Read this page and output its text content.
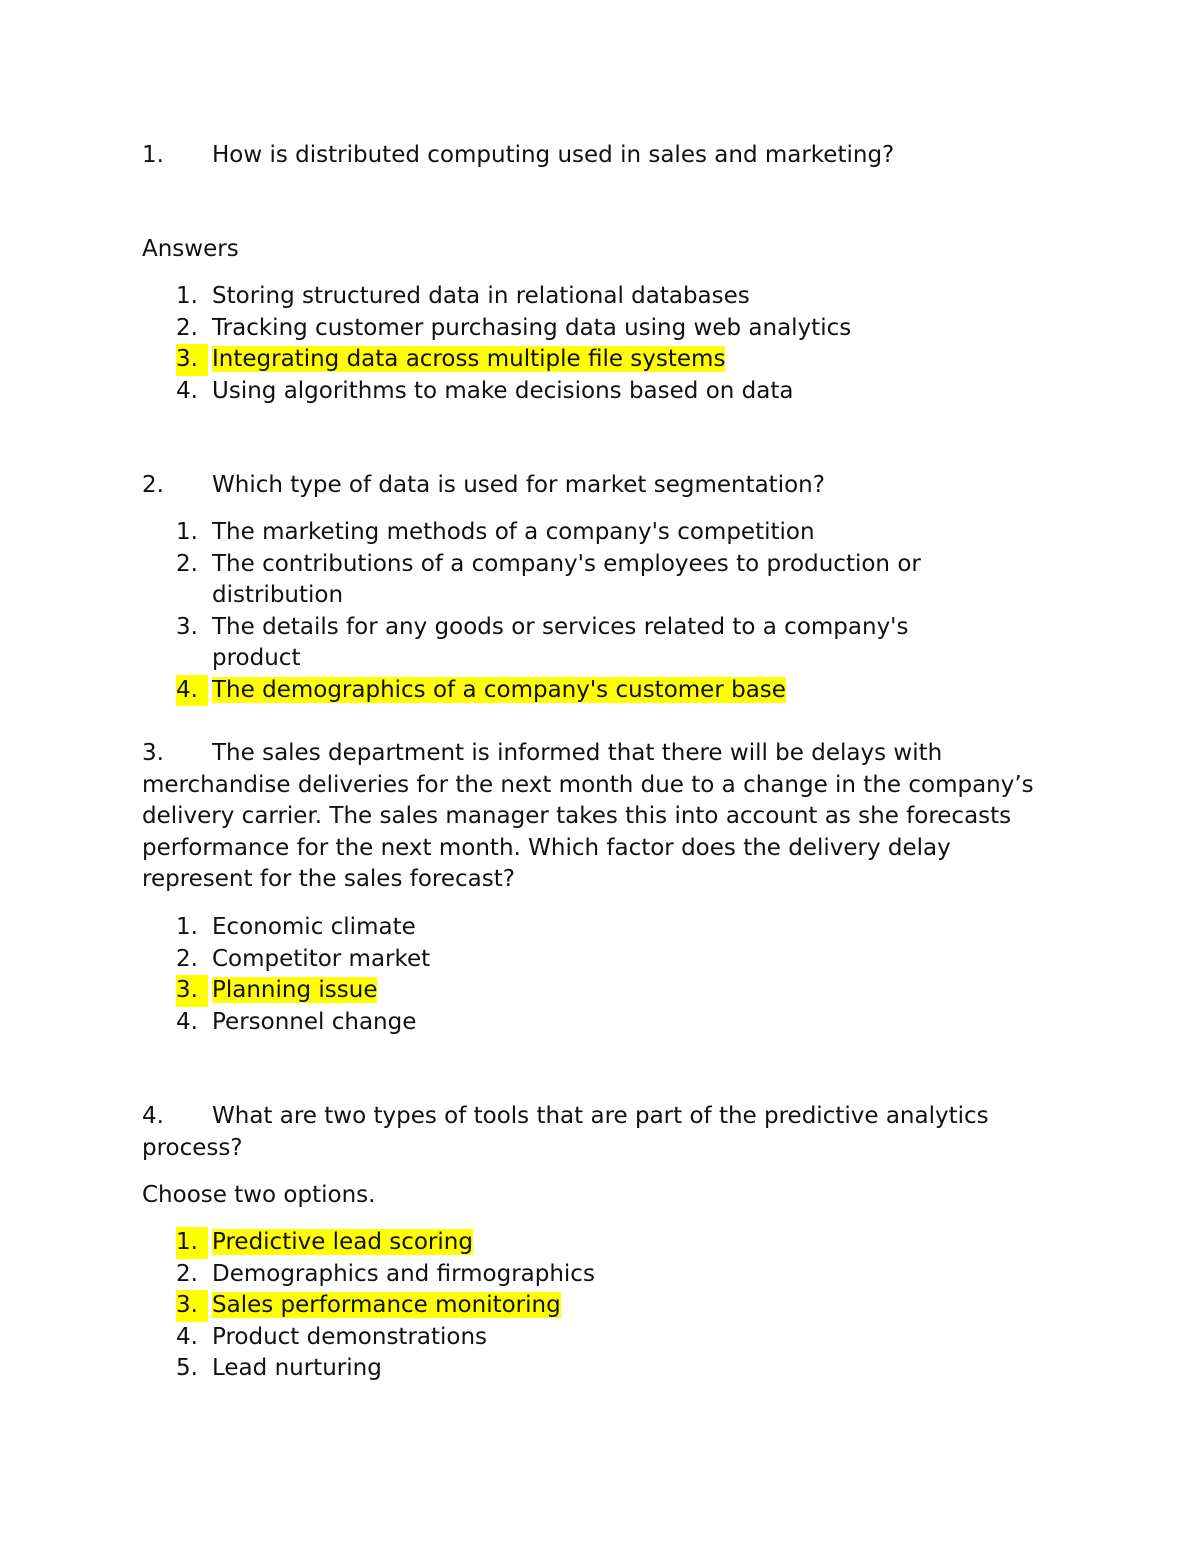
1. How is distributed computing used in sales and marketing?
Answers
1. Storing structured data in relational databases
2. Tracking customer purchasing data using web analytics
3. Integrating data across multiple file systems
4. Using algorithms to make decisions based on data
2. Which type of data is used for market segmentation?
1. The marketing methods of a company's competition
2. The contributions of a company's employees to production or distribution
3. The details for any goods or services related to a company's product
4. The demographics of a company's customer base
3. The sales department is informed that there will be delays with merchandise deliveries for the next month due to a change in the company’s delivery carrier. The sales manager takes this into account as she forecasts performance for the next month. Which factor does the delivery delay represent for the sales forecast?
1. Economic climate
2. Competitor market
3. Planning issue
4. Personnel change
4. What are two types of tools that are part of the predictive analytics process?
Choose two options.
1. Predictive lead scoring
2. Demographics and firmographics
3. Sales performance monitoring
4. Product demonstrations
5. Lead nurturing
